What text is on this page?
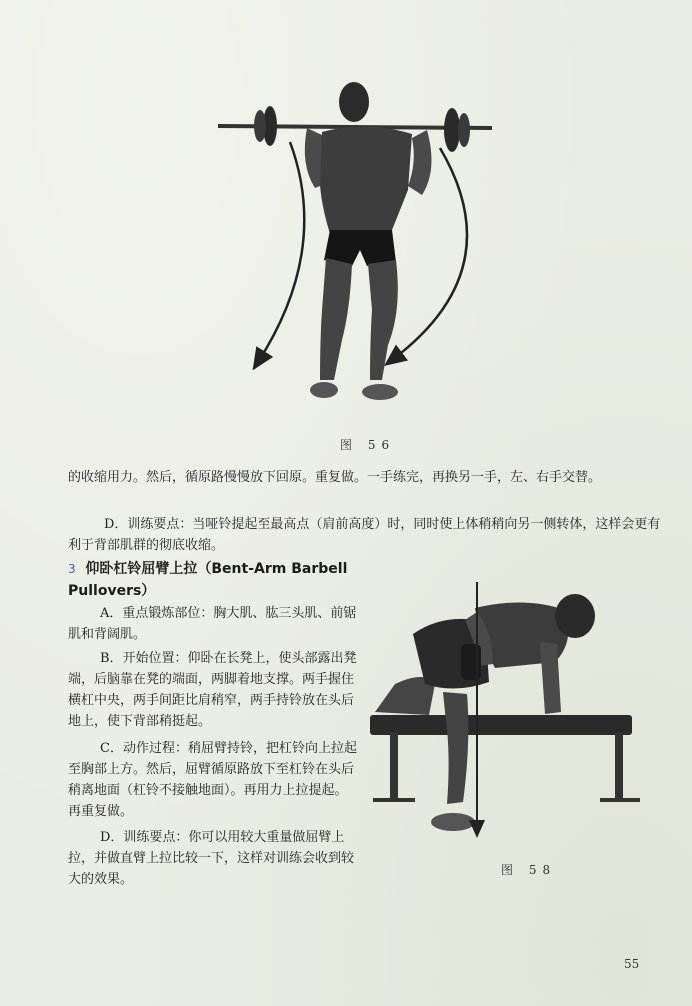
图 56
的收缩用力。然后，循原路慢慢放下回原。重复做。一手练完，再换另一手，左、右手交替。
D．训练要点：当哑铃提起至最高点（肩前高度）时，同时使上体稍稍向另一侧转体，这样会更有利于背部肌群的彻底收缩。
3 仰卧杠铃屈臂上拉（Bent-Arm Barbell Pullovers）
A．重点锻炼部位：胸大肌、肱三头肌、前锯肌和背阔肌。
B．开始位置：仰卧在长凳上，使头部露出凳端，后脑靠在凳的端面，两脚着地支撑。两手握住横杠中央，两手间距比肩稍窄，两手持铃放在头后地上，使下背部稍挺起。
C．动作过程：稍屈臂持铃，把杠铃向上拉起至胸部上方。然后，屈臂循原路放下至杠铃在头后稍离地面（杠铃不接触地面）。再用力上拉提起。再重复做。
D．训练要点：你可以用较大重量做屈臂上拉，并做直臂上拉比较一下，这样对训练会收到较大的效果。
图 58
55
